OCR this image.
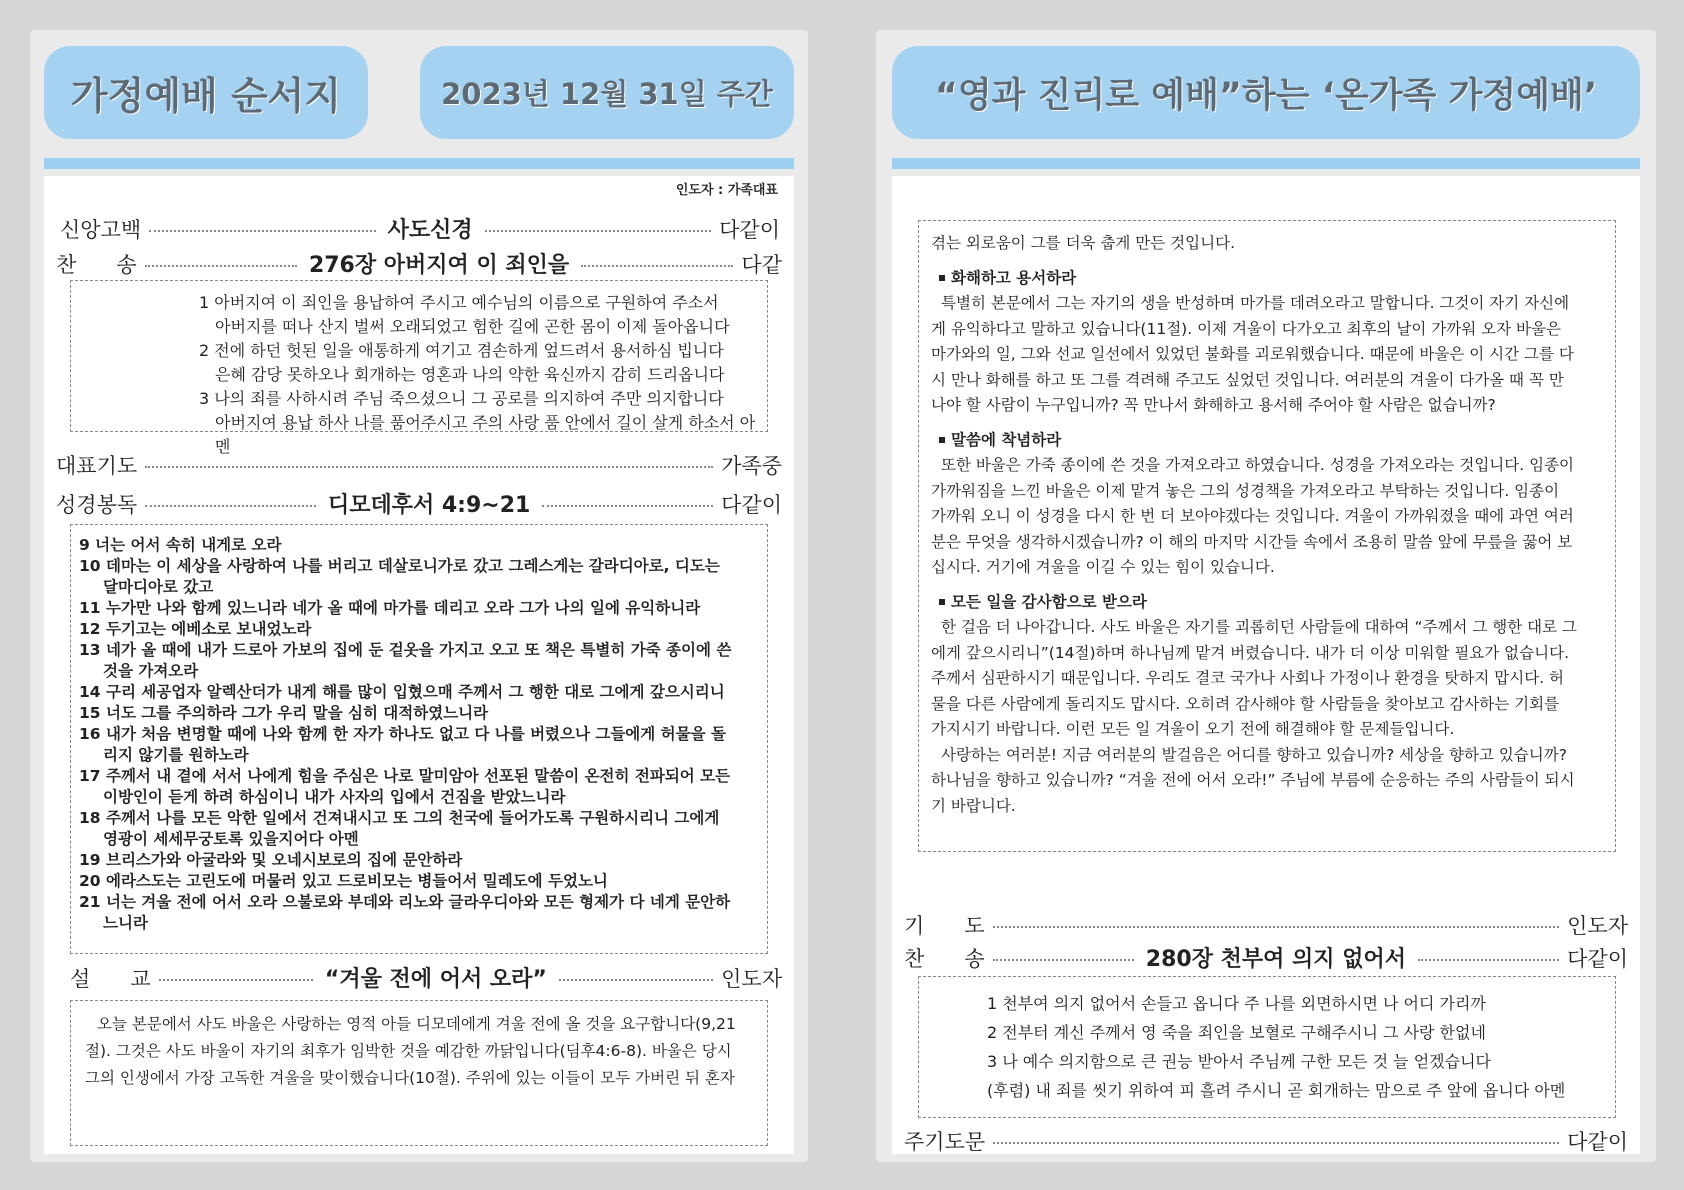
가정예배 순서지	2023년 12월 31일 주간
인도자 : 가족대표
신앙고백	사도신경	다같이
찬      송	276장 아버지여 이 죄인을	다같
1 아버지여 이 죄인을 용납하여 주시고 예수님의 이름으로 구원하여 주소서
아버지를 떠나 산지 벌써 오래되었고 험한 길에 곤한 몸이 이제 돌아옵니다
2 전에 하던 헛된 일을 애통하게 여기고 겸손하게 엎드려서 용서하심 빕니다
은혜 감당 못하오나 회개하는 영혼과 나의 약한 육신까지 감히 드리옵니다
3 나의 죄를 사하시려 주님 죽으셨으니 그 공로를 의지하여 주만 의지합니다
아버지여 용납 하사 나를 품어주시고 주의 사랑 품 안에서 길이 살게 하소서 아멘
대표기도	가족중
성경봉독	디모데후서 4:9~21	다같이
9 너는 어서 속히 내게로 오라
10 데마는 이 세상을 사랑하여 나를 버리고 데살로니가로 갔고 그레스게는 갈라디아로, 디도는
달마디아로 갔고
11 누가만 나와 함께 있느니라 네가 올 때에 마가를 데리고 오라 그가 나의 일에 유익하니라
12 두기고는 에베소로 보내었노라
13 네가 올 때에 내가 드로아 가보의 집에 둔 겉옷을 가지고 오고 또 책은 특별히 가죽 종이에 쓴
것을 가져오라
14 구리 세공업자 알렉산더가 내게 해를 많이 입혔으매 주께서 그 행한 대로 그에게 갚으시리니
15 너도 그를 주의하라 그가 우리 말을 심히 대적하였느니라
16 내가 처음 변명할 때에 나와 함께 한 자가 하나도 없고 다 나를 버렸으나 그들에게 허물을 돌
리지 않기를 원하노라
17 주께서 내 곁에 서서 나에게 힘을 주심은 나로 말미암아 선포된 말씀이 온전히 전파되어 모든
이방인이 듣게 하려 하심이니 내가 사자의 입에서 건짐을 받았느니라
18 주께서 나를 모든 악한 일에서 건져내시고 또 그의 천국에 들어가도록 구원하시리니 그에게
영광이 세세무궁토록 있을지어다 아멘
19 브리스가와 아굴라와 및 오네시보로의 집에 문안하라
20 에라스도는 고린도에 머물러 있고 드로비모는 병들어서 밀레도에 두었노니
21 너는 겨울 전에 어서 오라 으불로와 부데와 리노와 글라우디아와 모든 형제가 다 네게 문안하
느니라
설      교	“겨울 전에 어서 오라”	인도자
오늘 본문에서 사도 바울은 사랑하는 영적 아들 디모데에게 겨울 전에 올 것을 요구합니다(9,21
절). 그것은 사도 바울이 자기의 최후가 임박한 것을 예감한 까닭입니다(딤후4:6-8). 바울은 당시
그의 인생에서 가장 고독한 겨울을 맞이했습니다(10절). 주위에 있는 이들이 모두 가버린 뒤 혼자
“영과 진리로 예배”하는 ‘온가족 가정예배’
겪는 외로움이 그를 더욱 춥게 만든 것입니다.
화해하고 용서하라
특별히 본문에서 그는 자기의 생을 반성하며 마가를 데려오라고 말합니다. 그것이 자기 자신에
게 유익하다고 말하고 있습니다(11절). 이제 겨울이 다가오고 최후의 날이 가까워 오자 바울은
마가와의 일, 그와 선교 일선에서 있었던 불화를 괴로워했습니다. 때문에 바울은 이 시간 그를 다
시 만나 화해를 하고 또 그를 격려해 주고도 싶었던 것입니다. 여러분의 겨울이 다가올 때 꼭 만
나야 할 사람이 누구입니까? 꼭 만나서 화해하고 용서해 주어야 할 사람은 없습니까?
말씀에 착념하라
또한 바울은 가죽 종이에 쓴 것을 가져오라고 하였습니다. 성경을 가져오라는 것입니다. 임종이
가까워짐을 느낀 바울은 이제 맡겨 놓은 그의 성경책을 가져오라고 부탁하는 것입니다. 임종이
가까워 오니 이 성경을 다시 한 번 더 보아야겠다는 것입니다. 겨울이 가까워졌을 때에 과연 여러
분은 무엇을 생각하시겠습니까? 이 해의 마지막 시간들 속에서 조용히 말씀 앞에 무릎을 꿇어 보
십시다. 거기에 겨울을 이길 수 있는 힘이 있습니다.
모든 일을 감사함으로 받으라
한 걸음 더 나아갑니다. 사도 바울은 자기를 괴롭히던 사람들에 대하여 “주께서 그 행한 대로 그
에게 갚으시리니”(14절)하며 하나님께 맡겨 버렸습니다. 내가 더 이상 미워할 필요가 없습니다.
주께서 심판하시기 때문입니다. 우리도 결코 국가나 사회나 가정이나 환경을 탓하지 맙시다. 허
물을 다른 사람에게 돌리지도 맙시다. 오히려 감사해야 할 사람들을 찾아보고 감사하는 기회를
가지시기 바랍니다. 이런 모든 일 겨울이 오기 전에 해결해야 할 문제들입니다.
사랑하는 여러분! 지금 여러분의 발걸음은 어디를 향하고 있습니까? 세상을 향하고 있습니까?
하나님을 향하고 있습니까? “겨울 전에 어서 오라!” 주님에 부름에 순응하는 주의 사람들이 되시
기 바랍니다.
기      도	인도자
찬      송	280장 천부여 의지 없어서	다같이
1 천부여 의지 없어서 손들고 옵니다 주 나를 외면하시면 나 어디 가리까
2 전부터 계신 주께서 영 죽을 죄인을 보혈로 구해주시니 그 사랑 한없네
3 나 예수 의지함으로 큰 권능 받아서 주님께 구한 모든 것 늘 얻겠습니다
(후렴) 내 죄를 씻기 위하여 피 흘려 주시니 곧 회개하는 맘으로 주 앞에 옵니다 아멘
주기도문	다같이
